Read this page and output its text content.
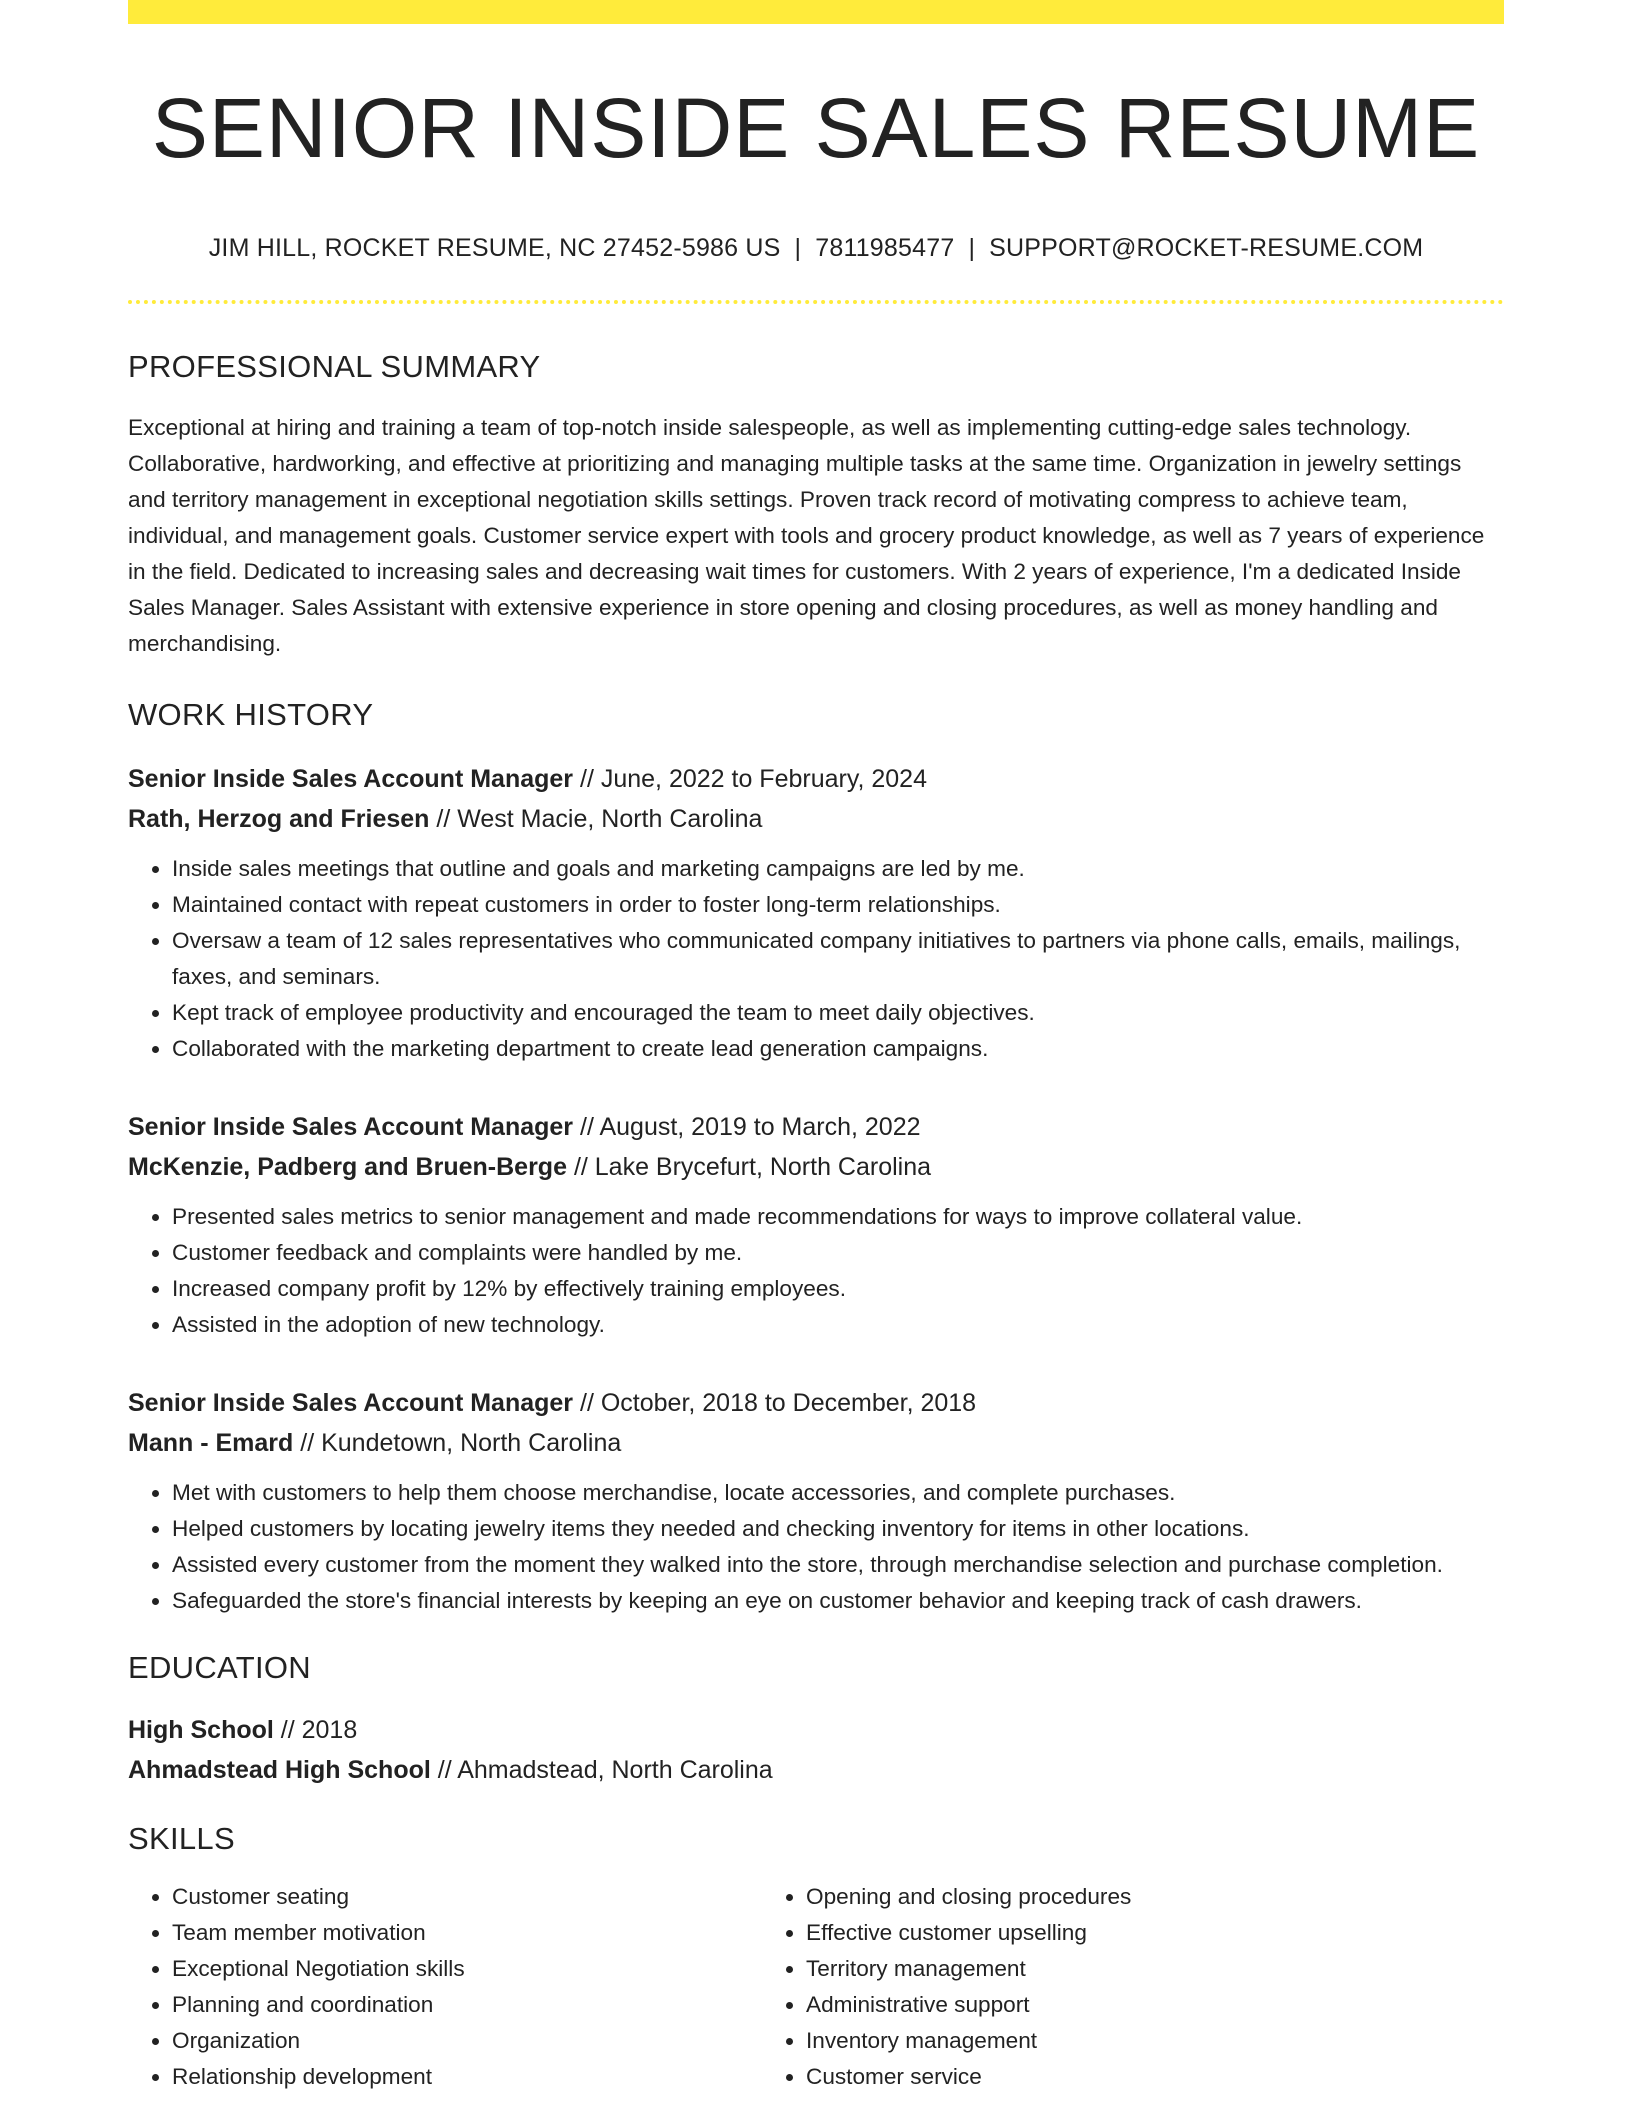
SENIOR INSIDE SALES RESUME
JIM HILL, ROCKET RESUME, NC 27452-5986 US | 7811985477 | SUPPORT@ROCKET-RESUME.COM
PROFESSIONAL SUMMARY
Exceptional at hiring and training a team of top-notch inside salespeople, as well as implementing cutting-edge sales technology. Collaborative, hardworking, and effective at prioritizing and managing multiple tasks at the same time. Organization in jewelry settings and territory management in exceptional negotiation skills settings. Proven track record of motivating compress to achieve team, individual, and management goals. Customer service expert with tools and grocery product knowledge, as well as 7 years of experience in the field. Dedicated to increasing sales and decreasing wait times for customers. With 2 years of experience, I'm a dedicated Inside Sales Manager. Sales Assistant with extensive experience in store opening and closing procedures, as well as money handling and merchandising.
WORK HISTORY
Senior Inside Sales Account Manager // June, 2022 to February, 2024
Rath, Herzog and Friesen // West Macie, North Carolina
• Inside sales meetings that outline and goals and marketing campaigns are led by me.
• Maintained contact with repeat customers in order to foster long-term relationships.
• Oversaw a team of 12 sales representatives who communicated company initiatives to partners via phone calls, emails, mailings, faxes, and seminars.
• Kept track of employee productivity and encouraged the team to meet daily objectives.
• Collaborated with the marketing department to create lead generation campaigns.
Senior Inside Sales Account Manager // August, 2019 to March, 2022
McKenzie, Padberg and Bruen-Berge // Lake Brycefurt, North Carolina
• Presented sales metrics to senior management and made recommendations for ways to improve collateral value.
• Customer feedback and complaints were handled by me.
• Increased company profit by 12% by effectively training employees.
• Assisted in the adoption of new technology.
Senior Inside Sales Account Manager // October, 2018 to December, 2018
Mann - Emard // Kundetown, North Carolina
• Met with customers to help them choose merchandise, locate accessories, and complete purchases.
• Helped customers by locating jewelry items they needed and checking inventory for items in other locations.
• Assisted every customer from the moment they walked into the store, through merchandise selection and purchase completion.
• Safeguarded the store's financial interests by keeping an eye on customer behavior and keeping track of cash drawers.
EDUCATION
High School // 2018
Ahmadstead High School // Ahmadstead, North Carolina
SKILLS
• Customer seating
• Team member motivation
• Exceptional Negotiation skills
• Planning and coordination
• Organization
• Relationship development
• Opening and closing procedures
• Effective customer upselling
• Territory management
• Administrative support
• Inventory management
• Customer service
